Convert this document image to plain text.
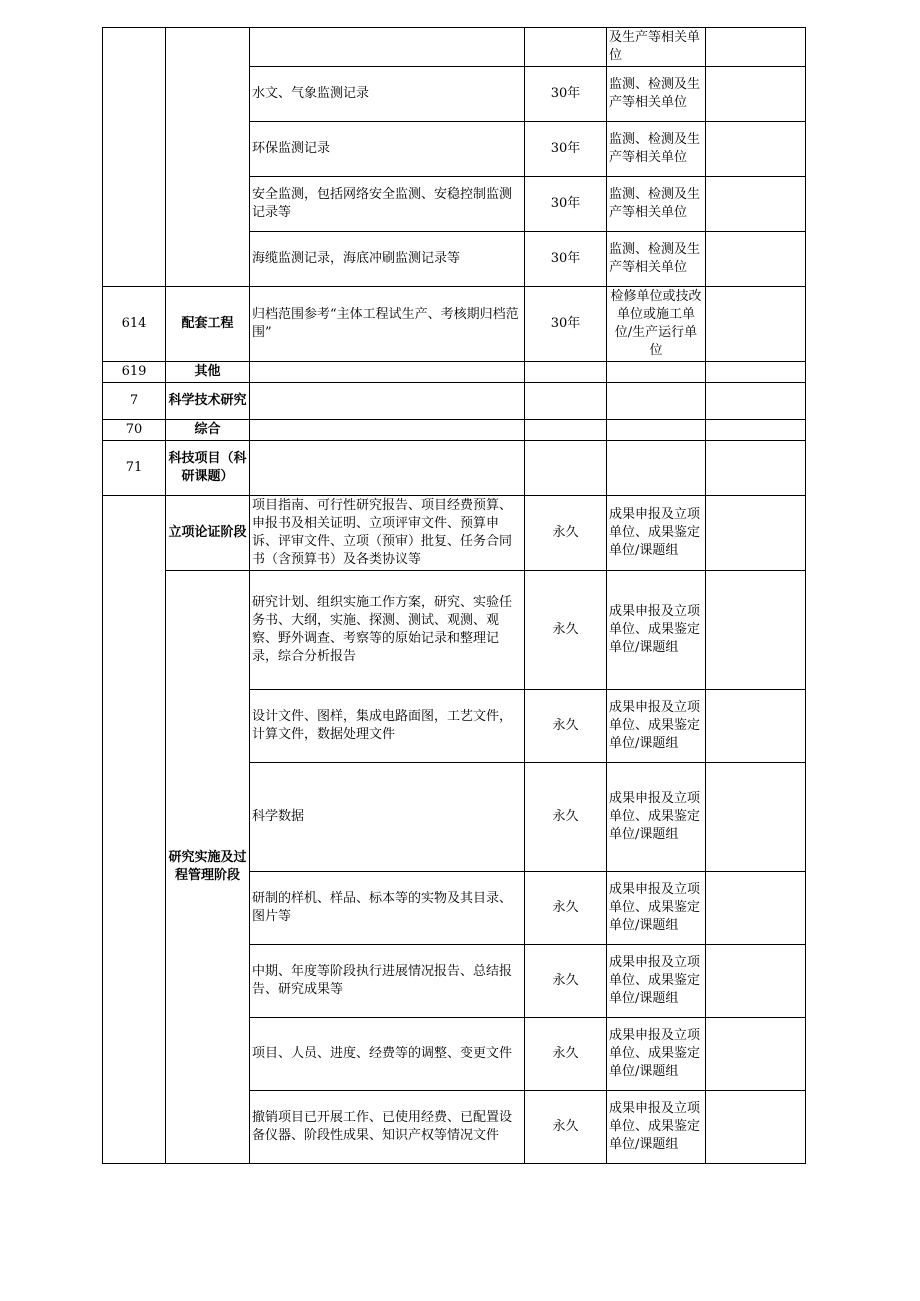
				及生产等相关单位	
		水文、气象监测记录	30年	监测、检测及生产等相关单位	
		环保监测记录	30年	监测、检测及生产等相关单位	
		安全监测，包括网络安全监测、安稳控制监测记录等	30年	监测、检测及生产等相关单位	
		海缆监测记录，海底冲刷监测记录等	30年	监测、检测及生产等相关单位	
614	配套工程	归档范围参考“主体工程试生产、考核期归档范围”	30年	检修单位或技改单位或施工单位/生产运行单位	
619	其他				
7	科学技术研究				
70	综合				
71	科技项目（科研课题）				
	立项论证阶段	项目指南、可行性研究报告、项目经费预算、申报书及相关证明、立项评审文件、预算申诉、评审文件、立项（预审）批复、任务合同书（含预算书）及各类协议等	永久	成果申报及立项单位、成果鉴定单位/课题组	
	研究实施及过程管理阶段	研究计划、组织实施工作方案，研究、实验任务书、大纲，实施、探测、测试、观测、观察、野外调查、考察等的原始记录和整理记录，综合分析报告	永久	成果申报及立项单位、成果鉴定单位/课题组	
		设计文件、图样，集成电路面图，工艺文件，计算文件，数据处理文件	永久	成果申报及立项单位、成果鉴定单位/课题组	
		科学数据	永久	成果申报及立项单位、成果鉴定单位/课题组	
		研制的样机、样品、标本等的实物及其目录、图片等	永久	成果申报及立项单位、成果鉴定单位/课题组	
		中期、年度等阶段执行进展情况报告、总结报告、研究成果等	永久	成果申报及立项单位、成果鉴定单位/课题组	
		项目、人员、进度、经费等的调整、变更文件	永久	成果申报及立项单位、成果鉴定单位/课题组	
		撤销项目已开展工作、已使用经费、已配置设备仪器、阶段性成果、知识产权等情况文件	永久	成果申报及立项单位、成果鉴定单位/课题组	
